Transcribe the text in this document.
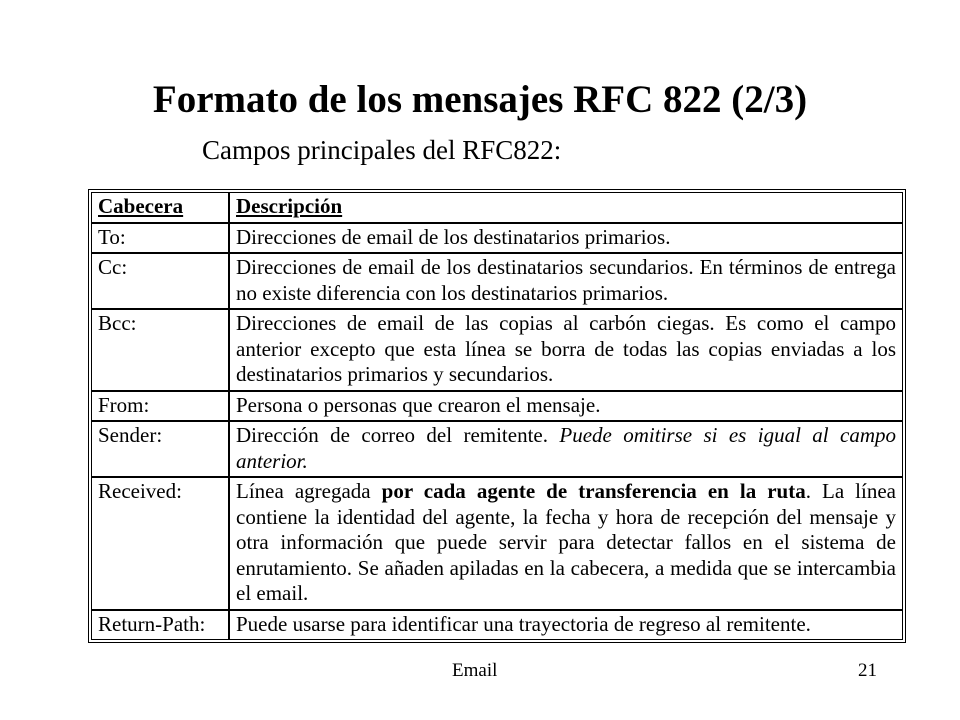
Formato de los mensajes RFC 822 (2/3)
Campos principales del RFC822:
Cabecera	Descripción
To:	Direcciones de email de los destinatarios primarios.
Cc:	Direcciones de email de los destinatarios secundarios. En términos de entrega no existe diferencia con los destinatarios primarios.
Bcc:	Direcciones de email de las copias al carbón ciegas. Es como el campo anterior excepto que esta línea se borra de todas las copias enviadas a los destinatarios primarios y secundarios.
From:	Persona o personas que crearon el mensaje.
Sender:	Dirección de correo del remitente. Puede omitirse si es igual al campo anterior.
Received:	Línea agregada por cada agente de transferencia en la ruta. La línea contiene la identidad del agente, la fecha y hora de recepción del mensaje y otra información que puede servir para detectar fallos en el sistema de enrutamiento. Se añaden apiladas en la cabecera, a medida que se intercambia el email.
Return-Path:	Puede usarse para identificar una trayectoria de regreso al remitente.
Email	21
